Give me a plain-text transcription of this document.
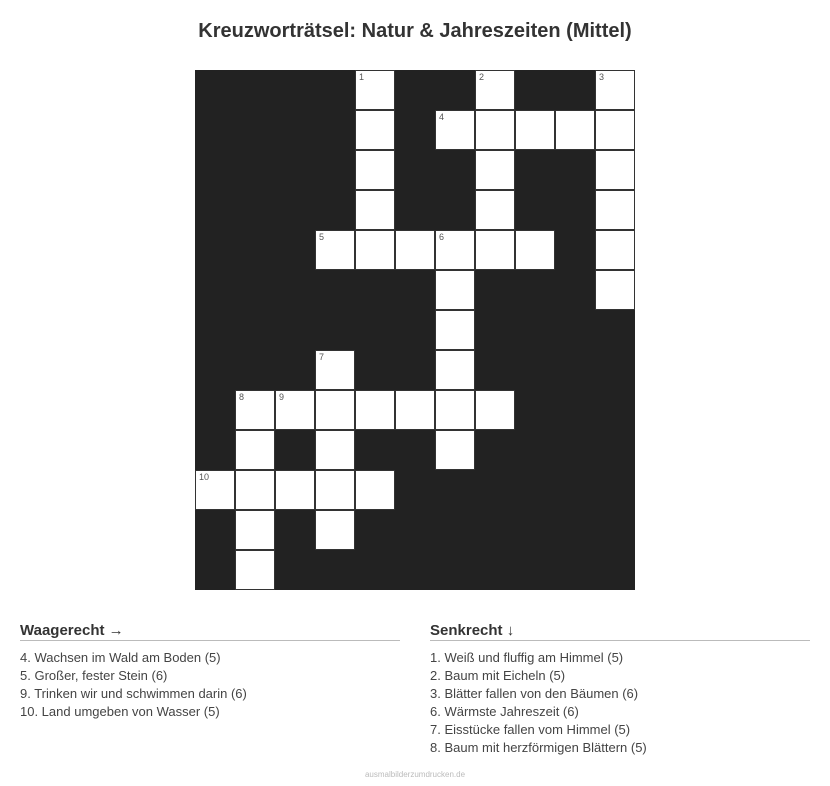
Kreuzworträtsel: Natur & Jahreszeiten (Mittel)
1	2	3
4
5	6
7
8	9
10
Waagerecht →
4. Wachsen im Wald am Boden (5)
5. Großer, fester Stein (6)
9. Trinken wir und schwimmen darin (6)
10. Land umgeben von Wasser (5)
Senkrecht ↓
1. Weiß und fluffig am Himmel (5)
2. Baum mit Eicheln (5)
3. Blätter fallen von den Bäumen (6)
6. Wärmste Jahreszeit (6)
7. Eisstücke fallen vom Himmel (5)
8. Baum mit herzförmigen Blättern (5)
ausmalbilderzumdrucken.de
